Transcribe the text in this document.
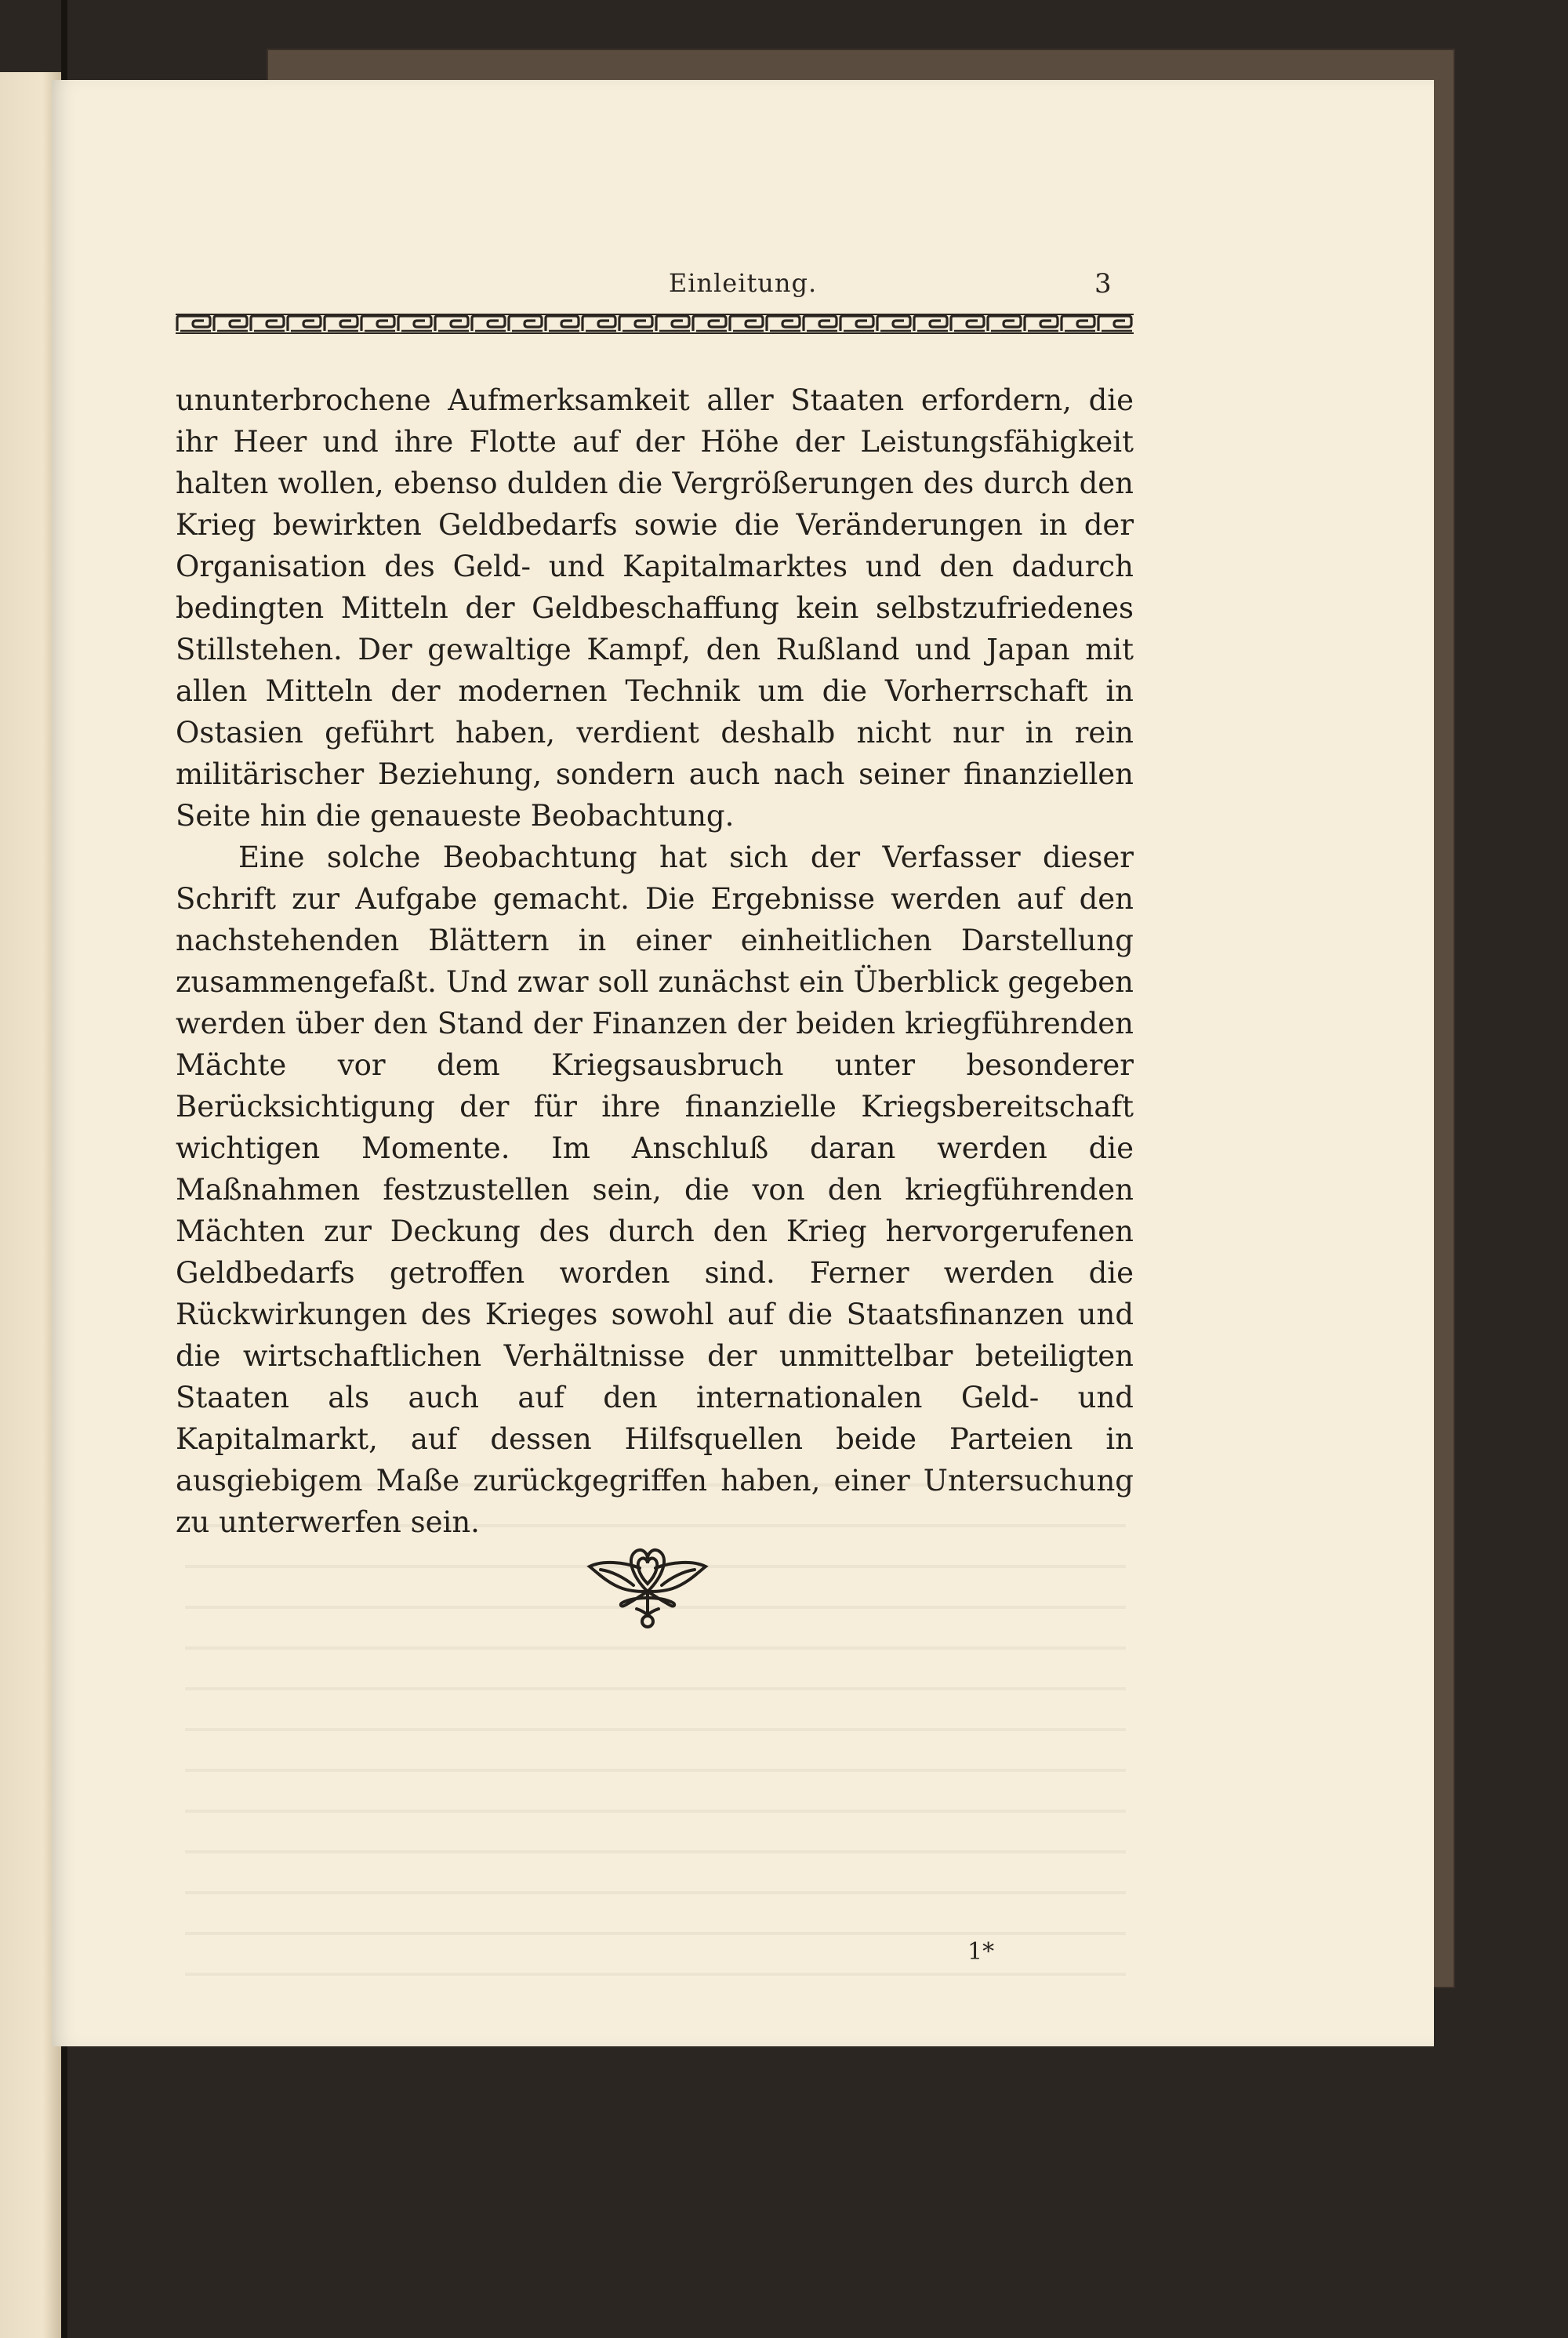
Einleitung.	3

ununterbrochene Aufmerksamkeit aller Staaten erfordern, die ihr Heer und ihre Flotte auf der Höhe der Leistungsfähigkeit halten wollen, ebenso dulden die Vergrößerungen des durch den Krieg bewirkten Geldbedarfs sowie die Veränderungen in der Organisation des Geld- und Kapitalmarktes und den dadurch bedingten Mitteln der Geldbeschaffung kein selbstzufriedenes Stillstehen. Der gewaltige Kampf, den Rußland und Japan mit allen Mitteln der modernen Technik um die Vorherrschaft in Ostasien geführt haben, verdient deshalb nicht nur in rein militärischer Beziehung, sondern auch nach seiner finanziellen Seite hin die genaueste Beobachtung.

Eine solche Beobachtung hat sich der Verfasser dieser Schrift zur Aufgabe gemacht. Die Ergebnisse werden auf den nachstehenden Blättern in einer einheitlichen Darstellung zusammengefaßt. Und zwar soll zunächst ein Überblick gegeben werden über den Stand der Finanzen der beiden kriegführenden Mächte vor dem Kriegsausbruch unter besonderer Berücksichtigung der für ihre finanzielle Kriegsbereitschaft wichtigen Momente. Im Anschluß daran werden die Maßnahmen festzustellen sein, die von den kriegführenden Mächten zur Deckung des durch den Krieg hervorgerufenen Geldbedarfs getroffen worden sind. Ferner werden die Rückwirkungen des Krieges sowohl auf die Staatsfinanzen und die wirtschaftlichen Verhältnisse der unmittelbar beteiligten Staaten als auch auf den internationalen Geld- und Kapitalmarkt, auf dessen Hilfsquellen beide Parteien in ausgiebigem Maße zurückgegriffen haben, einer Untersuchung zu unterwerfen sein.

1*
